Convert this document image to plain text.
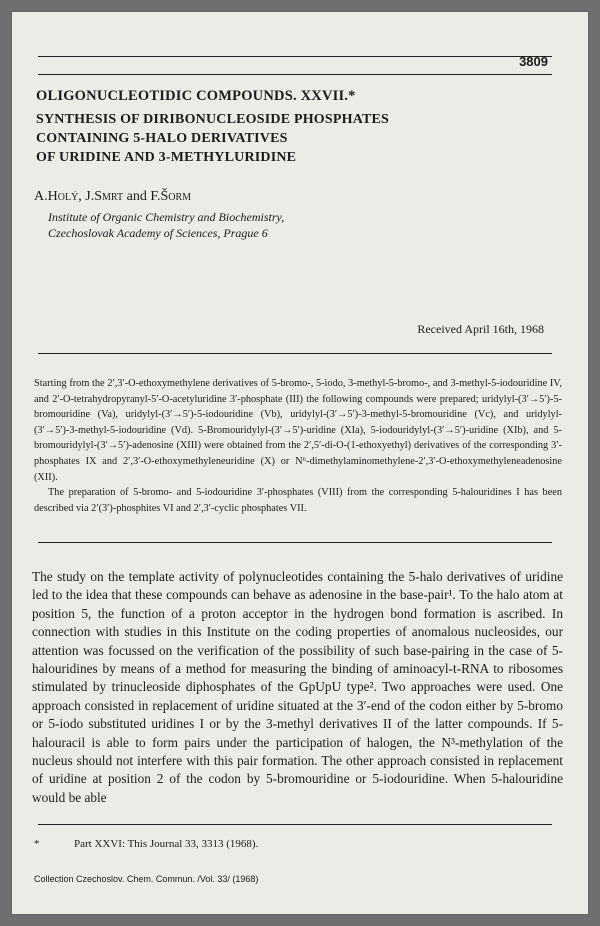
3809
OLIGONUCLEOTIDIC COMPOUNDS. XXVII.*
SYNTHESIS OF DIRIBONUCLEOSIDE PHOSPHATES
CONTAINING 5-HALO DERIVATIVES
OF URIDINE AND 3-METHYLURIDINE
A.Holý, J.Smrt and F.Šorm
Institute of Organic Chemistry and Biochemistry,
Czechoslovak Academy of Sciences, Prague 6
Received April 16th, 1968

Starting from the 2′,3′-O-ethoxymethylene derivatives of 5-bromo-, 5-iodo, 3-methyl-5-bromo-, and 3-methyl-5-iodouridine IV, and 2′-O-tetrahydropyranyl-5′-O-acetyluridine 3′-phosphate (III) the following compounds were prepared; uridylyl-(3′→5′)-5-bromouridine (Va), uridylyl-(3′→5′)-5-iodouridine (Vb), uridylyl-(3′→5′)-3-methyl-5-bromouridine (Vc), and uridylyl-(3′→5′)-3-methyl-5-iodouridine (Vd). 5-Bromouridylyl-(3′→5′)-uridine (XIa), 5-iodouridylyl-(3′→5′)-uridine (XIb), and 5-bromouridylyl-(3′→5′)-adenosine (XIII) were obtained from the 2′,5′-di-O-(1-ethoxyethyl) derivatives of the corresponding 3′-phosphates IX and 2′,3′-O-ethoxymethyleneuridine (X) or N⁶-dimethylaminomethylene-2′,3′-O-ethoxymethyleneadenosine (XII).

The preparation of 5-bromo- and 5-iodouridine 3′-phosphates (VIII) from the corresponding 5-halouridines I has been described via 2′(3′)-phosphites VI and 2′,3′-cyclic phosphates VII.

The study on the template activity of polynucleotides containing the 5-halo derivatives of uridine led to the idea that these compounds can behave as adenosine in the base-pair¹. To the halo atom at position 5, the function of a proton acceptor in the hydrogen bond formation is ascribed. In connection with studies in this Institute on the coding properties of anomalous nucleosides, our attention was focussed on the verification of the possibility of such base-pairing in the case of 5-halouridines by means of a method for measuring the binding of aminoacyl-t-RNA to ribosomes stimulated by trinucleoside diphosphates of the GpUpU type². Two approaches were used. One approach consisted in replacement of uridine situated at the 3′-end of the codon either by 5-bromo or 5-iodo substituted uridines I or by the 3-methyl derivatives II of the latter compounds. If 5-halouracil is able to form pairs under the participation of halogen, the N³-methylation of the nucleus should not interfere with this pair formation. The other approach consisted in replacement of uridine at position 2 of the codon by 5-bromouridine or 5-iodouridine. When 5-halouridine would be able

*	Part XXVI: This Journal 33, 3313 (1968).
Collection Czechoslov. Chem. Commun. /Vol. 33/ (1968)
